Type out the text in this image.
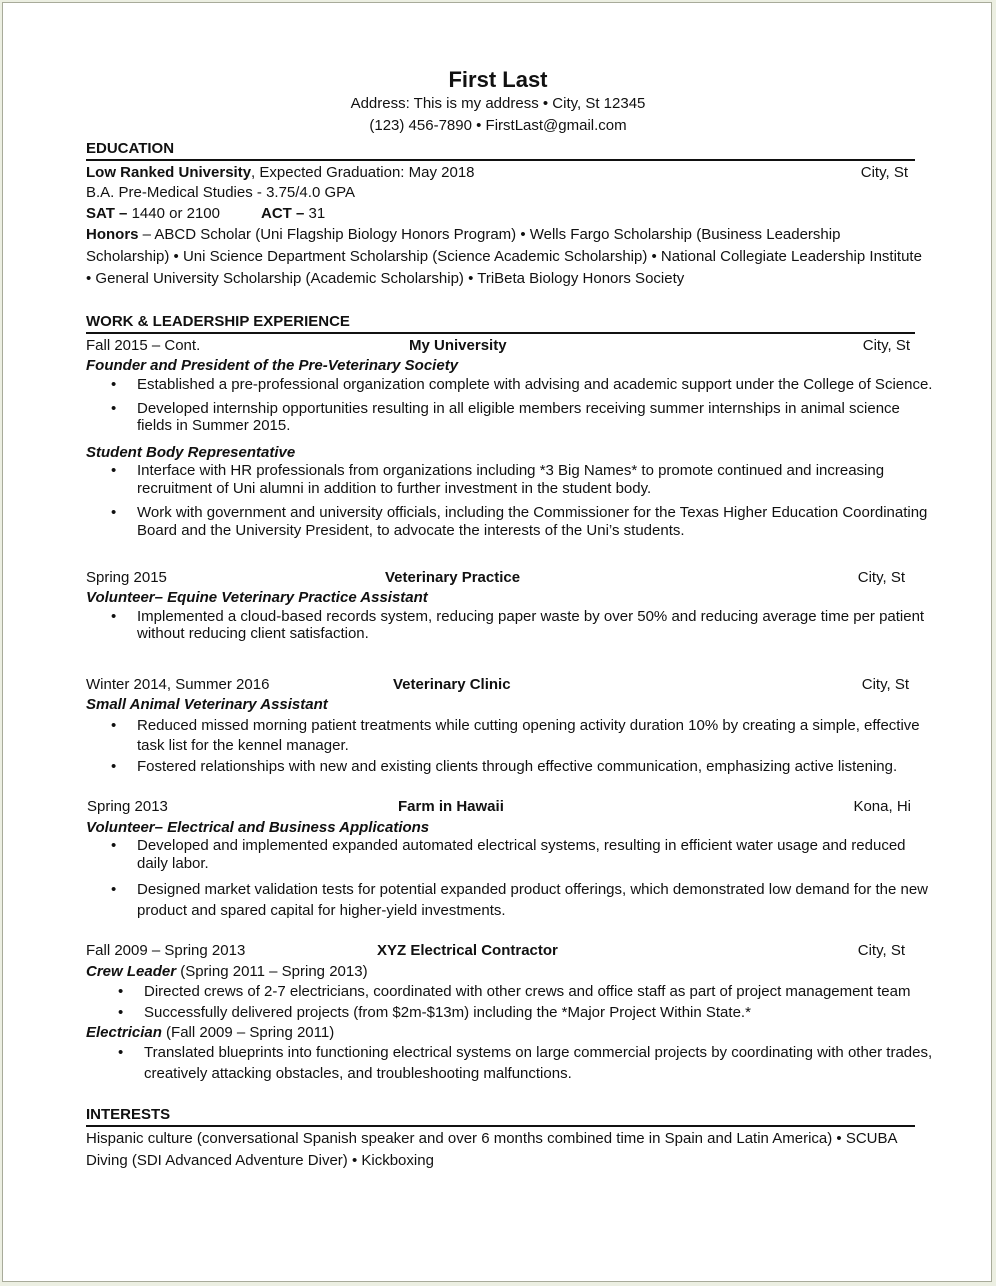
First Last
Address: This is my address • City, St 12345
(123) 456-7890 • FirstLast@gmail.com
EDUCATION
Low Ranked University, Expected Graduation: May 2018	City, St
B.A. Pre-Medical Studies - 3.75/4.0 GPA
SAT – 1440 or 2100	ACT – 31
Honors – ABCD Scholar (Uni Flagship Biology Honors Program) • Wells Fargo Scholarship (Business Leadership
Scholarship) • Uni Science Department Scholarship (Science Academic Scholarship) • National Collegiate Leadership Institute
• General University Scholarship (Academic Scholarship) • TriBeta Biology Honors Society
WORK & LEADERSHIP EXPERIENCE
Fall 2015 – Cont.	My University	City, St
Founder and President of the Pre-Veterinary Society
• Established a pre-professional organization complete with advising and academic support under the College of Science.
• Developed internship opportunities resulting in all eligible members receiving summer internships in animal science
fields in Summer 2015.
Student Body Representative
• Interface with HR professionals from organizations including *3 Big Names* to promote continued and increasing
recruitment of Uni alumni in addition to further investment in the student body.
• Work with government and university officials, including the Commissioner for the Texas Higher Education Coordinating
Board and the University President, to advocate the interests of the Uni’s students.
Spring 2015	Veterinary Practice	City, St
Volunteer– Equine Veterinary Practice Assistant
• Implemented a cloud-based records system, reducing paper waste by over 50% and reducing average time per patient
without reducing client satisfaction.
Winter 2014, Summer 2016	Veterinary Clinic	City, St
Small Animal Veterinary Assistant
• Reduced missed morning patient treatments while cutting opening activity duration 10% by creating a simple, effective
task list for the kennel manager.
• Fostered relationships with new and existing clients through effective communication, emphasizing active listening.
Spring 2013	Farm in Hawaii	Kona, Hi
Volunteer– Electrical and Business Applications
• Developed and implemented expanded automated electrical systems, resulting in efficient water usage and reduced
daily labor.
• Designed market validation tests for potential expanded product offerings, which demonstrated low demand for the new
product and spared capital for higher-yield investments.
Fall 2009 – Spring 2013	XYZ Electrical Contractor	City, St
Crew Leader (Spring 2011 – Spring 2013)
• Directed crews of 2-7 electricians, coordinated with other crews and office staff as part of project management team
• Successfully delivered projects (from $2m-$13m) including the *Major Project Within State.*
Electrician (Fall 2009 – Spring 2011)
• Translated blueprints into functioning electrical systems on large commercial projects by coordinating with other trades,
creatively attacking obstacles, and troubleshooting malfunctions.
INTERESTS
Hispanic culture (conversational Spanish speaker and over 6 months combined time in Spain and Latin America) • SCUBA
Diving (SDI Advanced Adventure Diver) • Kickboxing
